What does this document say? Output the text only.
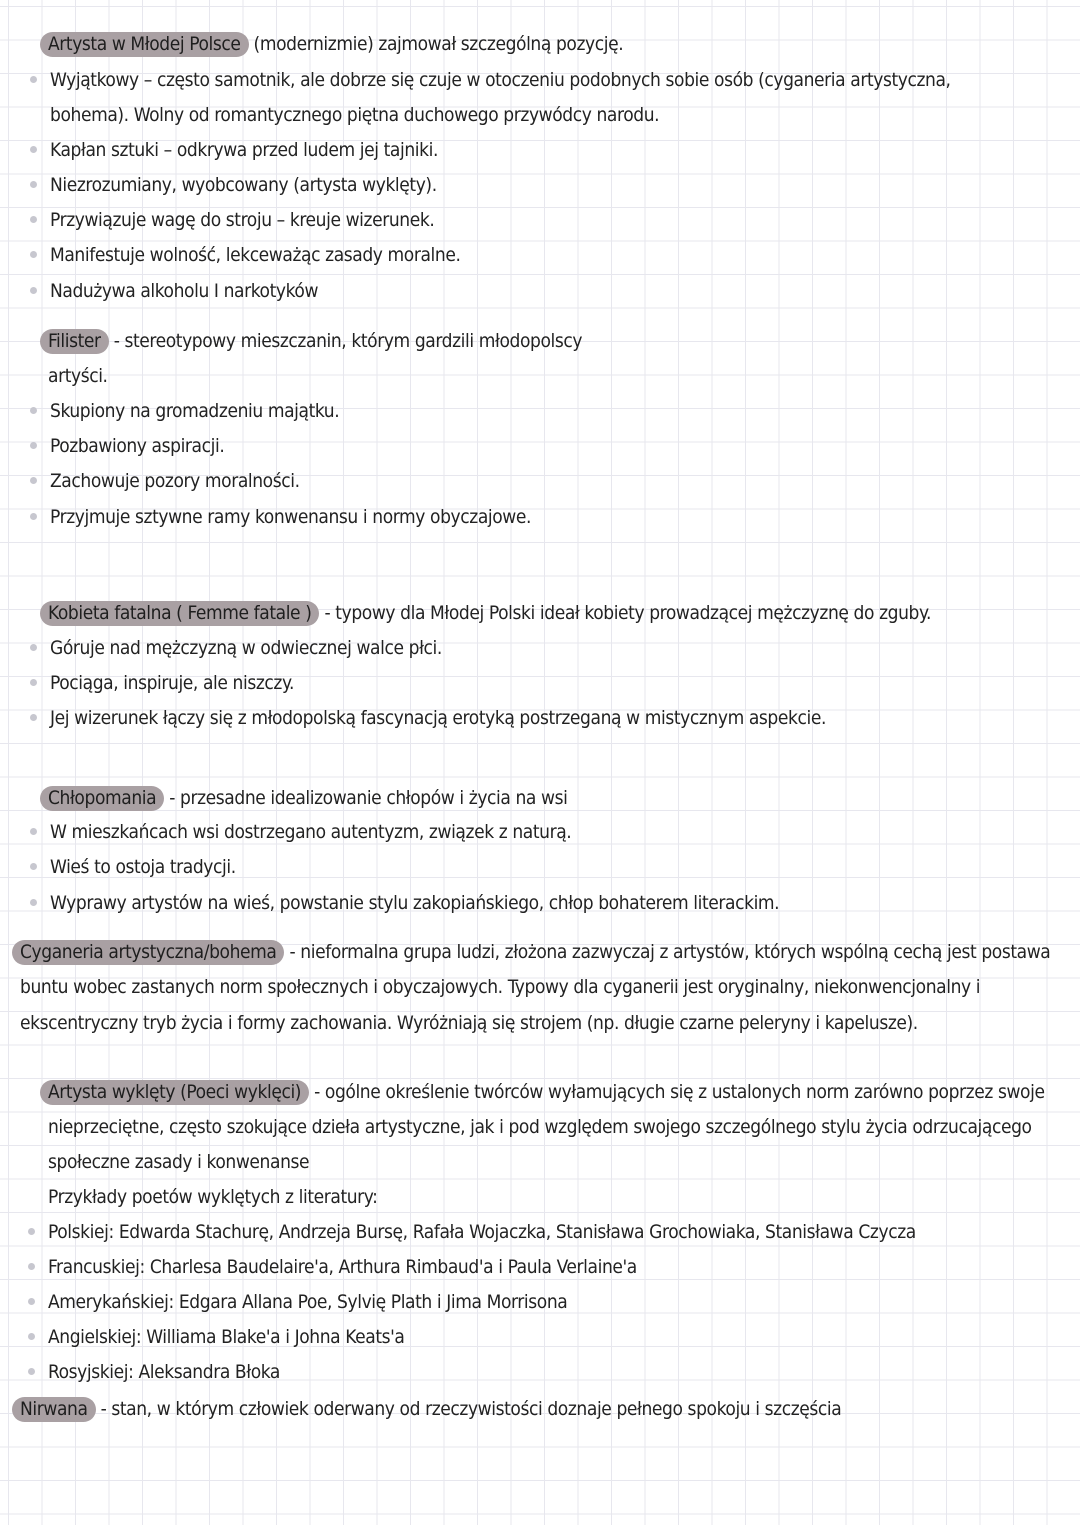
Artysta w Młodej Polsce (modernizmie) zajmował szczególną pozycję.
Wyjątkowy – często samotnik, ale dobrze się czuje w otoczeniu podobnych sobie osób (cyganeria artystyczna,
bohema). Wolny od romantycznego piętna duchowego przywódcy narodu.
Kapłan sztuki – odkrywa przed ludem jej tajniki.
Niezrozumiany, wyobcowany (artysta wyklęty).
Przywiązuje wagę do stroju – kreuje wizerunek.
Manifestuje wolność, lekceważąc zasady moralne.
Nadużywa alkoholu I narkotyków
Filister - stereotypowy mieszczanin, którym gardzili młodopolscy
artyści.
Skupiony na gromadzeniu majątku.
Pozbawiony aspiracji.
Zachowuje pozory moralności.
Przyjmuje sztywne ramy konwenansu i normy obyczajowe.
Kobieta fatalna ( Femme fatale ) - typowy dla Młodej Polski ideał kobiety prowadzącej mężczyznę do zguby.
Góruje nad mężczyzną w odwiecznej walce płci.
Pociąga, inspiruje, ale niszczy.
Jej wizerunek łączy się z młodopolską fascynacją erotyką postrzeganą w mistycznym aspekcie.
Chłopomania - przesadne idealizowanie chłopów i życia na wsi
W mieszkańcach wsi dostrzegano autentyzm, związek z naturą.
Wieś to ostoja tradycji.
Wyprawy artystów na wieś, powstanie stylu zakopiańskiego, chłop bohaterem literackim.
Cyganeria artystyczna/bohema - nieformalna grupa ludzi, złożona zazwyczaj z artystów, których wspólną cechą jest postawa
buntu wobec zastanych norm społecznych i obyczajowych. Typowy dla cyganerii jest oryginalny, niekonwencjonalny i
ekscentryczny tryb życia i formy zachowania. Wyróżniają się strojem (np. długie czarne peleryny i kapelusze).
Artysta wyklęty (Poeci wyklęci) - ogólne określenie twórców wyłamujących się z ustalonych norm zarówno poprzez swoje
nieprzeciętne, często szokujące dzieła artystyczne, jak i pod względem swojego szczególnego stylu życia odrzucającego
społeczne zasady i konwenanse
Przykłady poetów wyklętych z literatury:
Polskiej: Edwarda Stachurę, Andrzeja Bursę, Rafała Wojaczka, Stanisława Grochowiaka, Stanisława Czycza
Francuskiej: Charlesa Baudelaire'a, Arthura Rimbaud'a i Paula Verlaine'a
Amerykańskiej: Edgara Allana Poe, Sylvię Plath i Jima Morrisona
Angielskiej: Williama Blake'a i Johna Keats'a
Rosyjskiej: Aleksandra Błoka
Nirwana - stan, w którym człowiek oderwany od rzeczywistości doznaje pełnego spokoju i szczęścia
